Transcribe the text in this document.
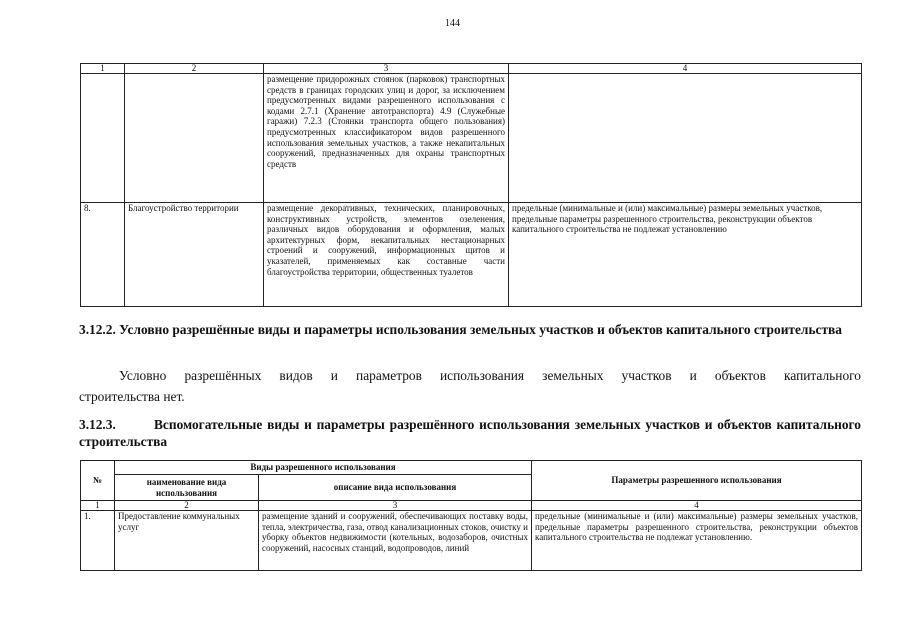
144
1	2	3	4
		размещение придорожных стоянок (парковок) транспортных средств в границах городских улиц и дорог, за исключением предусмотренных видами разрешенного использования с кодами 2.7.1 (Хранение автотранспорта) 4.9 (Служебные гаражи) 7.2.3 (Стоянки транспорта общего пользования) предусмотренных классификатором видов разрешенного использования земельных участков, а также некапитальных сооружений, предназначенных для охраны транспортных средств	
8.	Благоустройство территории	размещение декоративных, технических, планировочных, конструктивных устройств, элементов озеленения, различных видов оборудования и оформления, малых архитектурных форм, некапитальных нестационарных строений и сооружений, информационных щитов и указателей, применяемых как составные части благоустройства территории, общественных туалетов	предельные (минимальные и (или) максимальные) размеры земельных участков, предельные параметры разрешенного строительства, реконструкции объектов капитального строительства не подлежат установлению
3.12.2. Условно разрешённые виды и параметры использования земельных участков и объектов капитального строительства
Условно разрешённых видов и параметров использования земельных участков и объектов капитального
строительства нет.
3.12.3.	Вспомогательные виды и параметры разрешённого использования земельных участков и объектов капитального строительства
№	Виды разрешенного использования		Параметры разрешенного использования
	наименование вида использования	описание вида использования	
1	2	3	4
1.	Предоставление коммунальных услуг	размещение зданий и сооружений, обеспечивающих поставку воды, тепла, электричества, газа, отвод канализационных стоков, очистку и уборку объектов недвижимости (котельных, водозаборов, очистных сооружений, насосных станций, водопроводов, линий	предельные (минимальные и (или) максимальные) размеры земельных участков, предельные параметры разрешенного строительства, реконструкции объектов капитального строительства не подлежат установлению.
